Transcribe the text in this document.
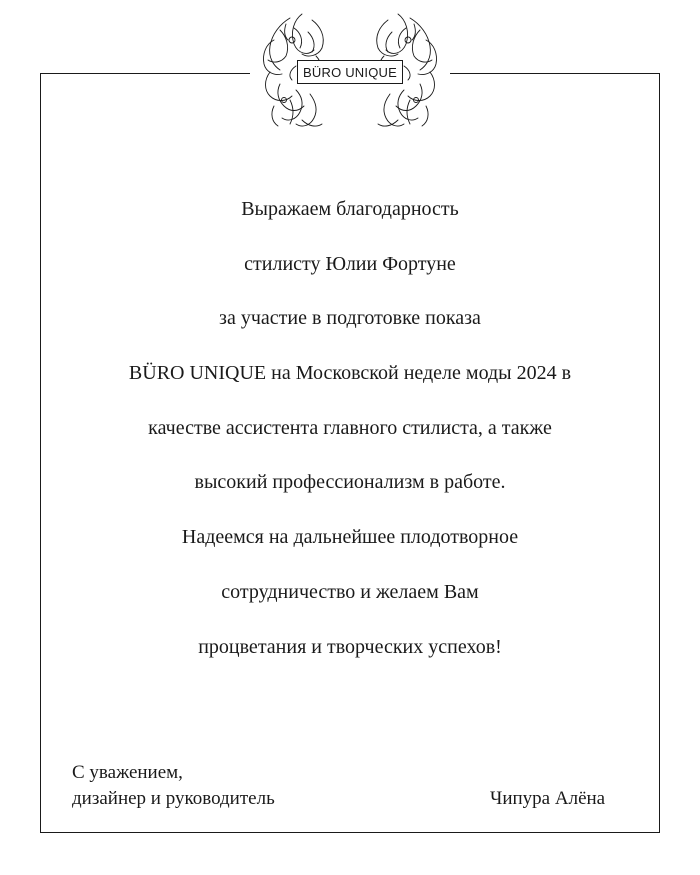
BÜRO UNIQUE
Выражаем благодарность
стилисту Юлии Фортуне
за участие в подготовке показа
BÜRO UNIQUE на Московской неделе моды 2024 в
качестве ассистента главного стилиста, а также
высокий профессионализм в работе.
Надеемся на дальнейшее плодотворное
сотрудничество и желаем Вам
процветания и творческих успехов!
С уважением,
дизайнер и руководитель	Чипура Алёна
